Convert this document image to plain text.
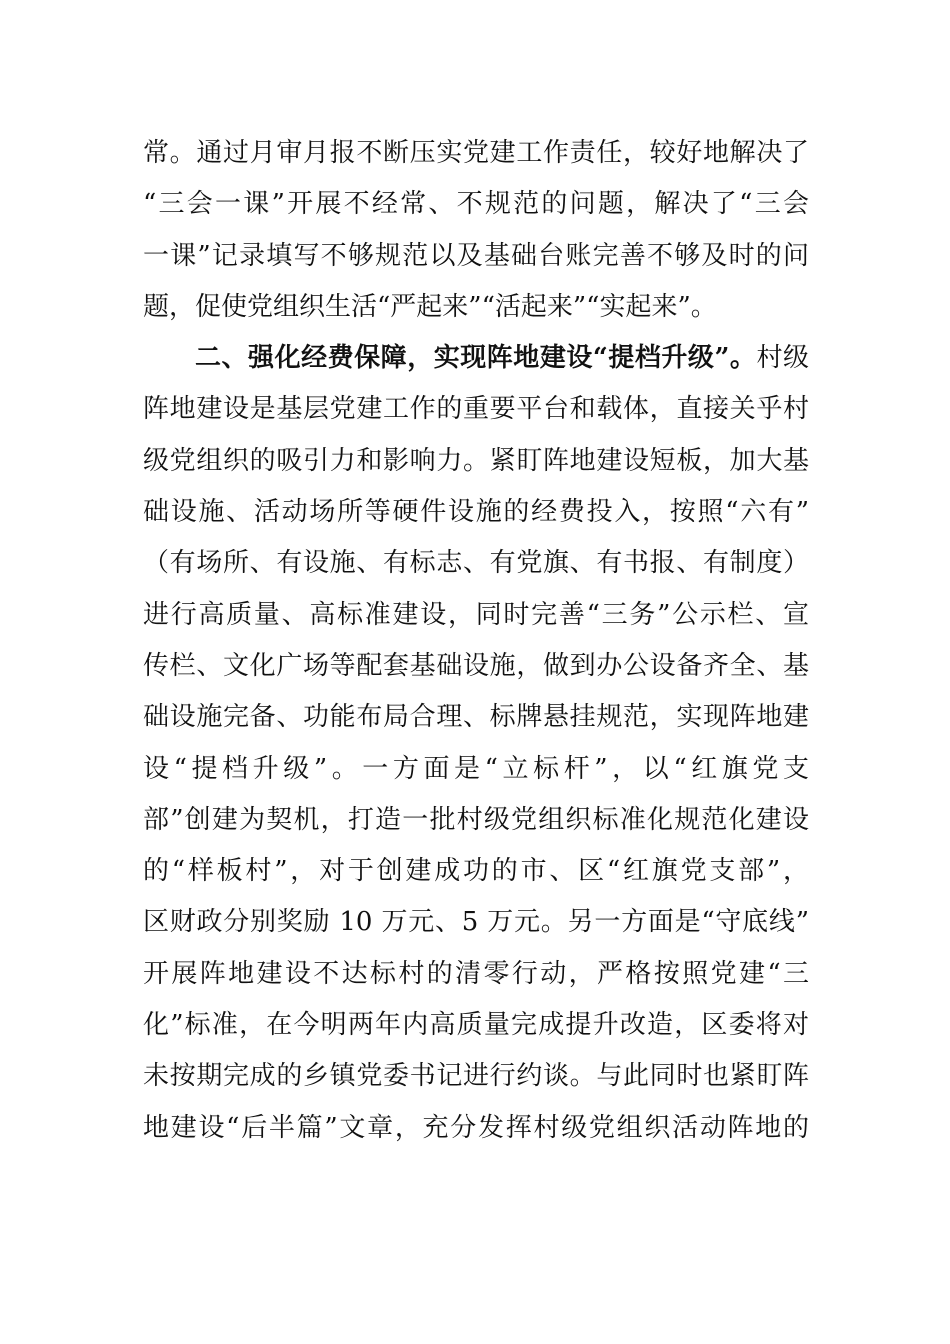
常。通过月审月报不断压实党建工作责任，较好地解决了
“三会一课”开展不经常、不规范的问题，解决了“三会
一课”记录填写不够规范以及基础台账完善不够及时的问
题，促使党组织生活“严起来”“活起来”“实起来”。
二、强化经费保障，实现阵地建设“提档升级”。村级
阵地建设是基层党建工作的重要平台和载体，直接关乎村
级党组织的吸引力和影响力。紧盯阵地建设短板，加大基
础设施、活动场所等硬件设施的经费投入，按照“六有”
（有场所、有设施、有标志、有党旗、有书报、有制度）
进行高质量、高标准建设，同时完善“三务”公示栏、宣
传栏、文化广场等配套基础设施，做到办公设备齐全、基
础设施完备、功能布局合理、标牌悬挂规范，实现阵地建
设“提档升级”。一方面是“立标杆”，以“红旗党支
部”创建为契机，打造一批村级党组织标准化规范化建设
的“样板村”，对于创建成功的市、区“红旗党支部”，
区财政分别奖励 10 万元、5 万元。另一方面是“守底线”
开展阵地建设不达标村的清零行动，严格按照党建“三
化”标准，在今明两年内高质量完成提升改造，区委将对
未按期完成的乡镇党委书记进行约谈。与此同时也紧盯阵
地建设“后半篇”文章，充分发挥村级党组织活动阵地的
